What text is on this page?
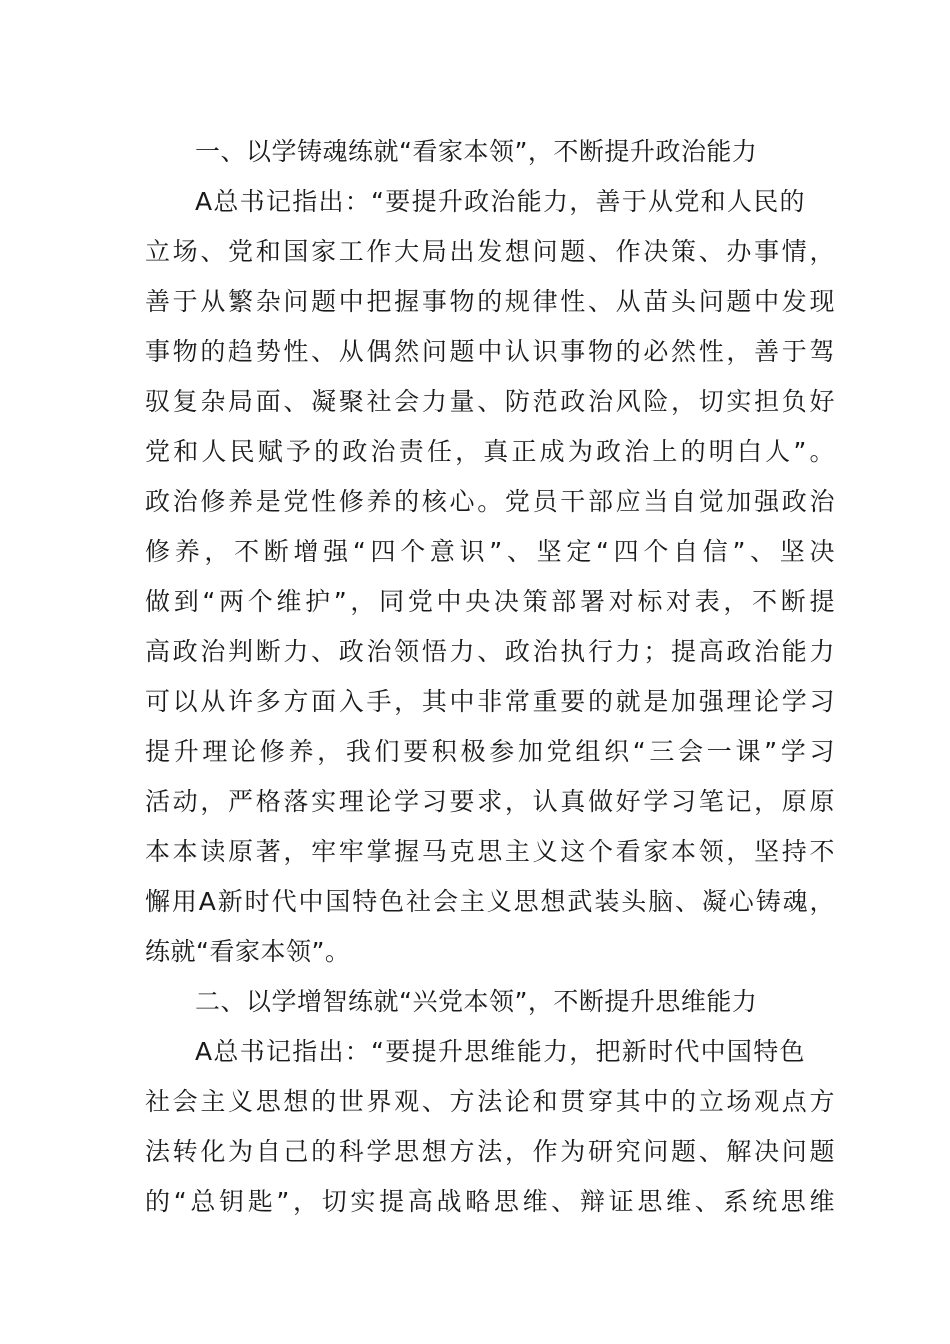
一、以学铸魂练就“看家本领”，不断提升政治能力
A总书记指出：“要提升政治能力，善于从党和人民的
立场、党和国家工作大局出发想问题、作决策、办事情，
善于从繁杂问题中把握事物的规律性、从苗头问题中发现
事物的趋势性、从偶然问题中认识事物的必然性，善于驾
驭复杂局面、凝聚社会力量、防范政治风险，切实担负好
党和人民赋予的政治责任，真正成为政治上的明白人”。
政治修养是党性修养的核心。党员干部应当自觉加强政治
修养，不断增强“四个意识”、坚定“四个自信”、坚决
做到“两个维护”，同党中央决策部署对标对表，不断提
高政治判断力、政治领悟力、政治执行力；提高政治能力
可以从许多方面入手，其中非常重要的就是加强理论学习
提升理论修养，我们要积极参加党组织“三会一课”学习
活动，严格落实理论学习要求，认真做好学习笔记，原原
本本读原著，牢牢掌握马克思主义这个看家本领，坚持不
懈用A新时代中国特色社会主义思想武装头脑、凝心铸魂，
练就“看家本领”。
二、以学增智练就“兴党本领”，不断提升思维能力
A总书记指出：“要提升思维能力，把新时代中国特色
社会主义思想的世界观、方法论和贯穿其中的立场观点方
法转化为自己的科学思想方法，作为研究问题、解决问题
的“总钥匙”，切实提高战略思维、辩证思维、系统思维
